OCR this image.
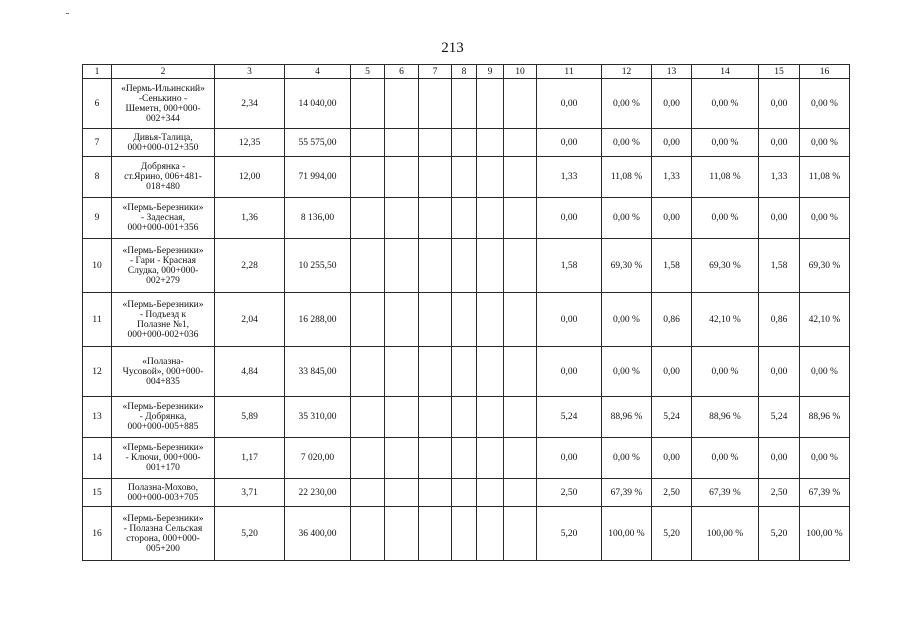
213
1	2	3	4	5	6	7	8	9	10	11	12	13	14	15	16
6	«Пермь-Ильинский»
-Сенькино -
Шеметн, 000+000-
002+344	2,34	14 040,00							0,00	0,00 %	0,00	0,00 %	0,00	0,00 %
7	Дивья-Талица,
000+000-012+350	12,35	55 575,00							0,00	0,00 %	0,00	0,00 %	0,00	0,00 %
8	Добрянка -
ст.Ярино, 006+481-
018+480	12,00	71 994,00							1,33	11,08 %	1,33	11,08 %	1,33	11,08 %
9	«Пермь-Березники»
- Задесная,
000+000-001+356	1,36	8 136,00							0,00	0,00 %	0,00	0,00 %	0,00	0,00 %
10	«Пермь-Березники»
- Гари - Красная
Слудка, 000+000-
002+279	2,28	10 255,50							1,58	69,30 %	1,58	69,30 %	1,58	69,30 %
11	«Пермь-Березники»
- Подъезд к
Полазне №1,
000+000-002+036	2,04	16 288,00							0,00	0,00 %	0,86	42,10 %	0,86	42,10 %
12	«Полазна-
Чусовой», 000+000-
004+835	4,84	33 845,00							0,00	0,00 %	0,00	0,00 %	0,00	0,00 %
13	«Пермь-Березники»
- Добрянка,
000+000-005+885	5,89	35 310,00							5,24	88,96 %	5,24	88,96 %	5,24	88,96 %
14	«Пермь-Березники»
- Ключи, 000+000-
001+170	1,17	7 020,00							0,00	0,00 %	0,00	0,00 %	0,00	0,00 %
15	Полазна-Мохово,
000+000-003+705	3,71	22 230,00							2,50	67,39 %	2,50	67,39 %	2,50	67,39 %
16	«Пермь-Березники»
- Полазна Сельская
сторона, 000+000-
005+200	5,20	36 400,00							5,20	100,00 %	5,20	100,00 %	5,20	100,00 %
